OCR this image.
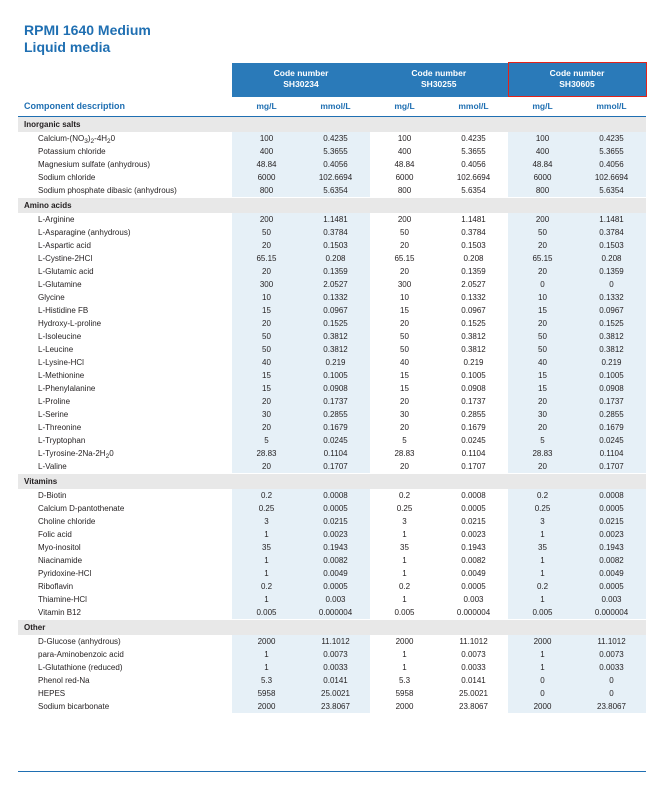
RPMI 1640 Medium
Liquid media

Code number
SH30234

Code number
SH30255

Code number
SH30605

Component description	mg/L	mmol/L	mg/L	mmol/L	mg/L	mmol/L
Inorganic salts						
Calcium-$(NO_3)_2-4H_20$	100	0.4235	100	0.4235	100	0.4235
Potassium chloride	400	5.3655	400	5.3655	400	5.3655
Magnesium sulfate (anhydrous)	48.84	0.4056	48.84	0.4056	48.84	0.4056
Sodium chloride	6000	102.6694	6000	102.6694	6000	102.6694
Sodium phosphate dibasic (anhydrous)	800	5.6354	800	5.6354	800	5.6354
Amino acids						
L-Arginine	200	1.1481	200	1.1481	200	1.1481
L-Asparagine (anhydrous)	50	0.3784	50	0.3784	50	0.3784
L-Aspartic acid	20	0.1503	20	0.1503	20	0.1503
L-Cystine-2HCl	65.15	0.208	65.15	0.208	65.15	0.208
L-Glutamic acid	20	0.1359	20	0.1359	20	0.1359
L-Glutamine	300	2.0527	300	2.0527	0	0
Glycine	10	0.1332	10	0.1332	10	0.1332
L-Histidine FB	15	0.0967	15	0.0967	15	0.0967
Hydroxy-L-proline	20	0.1525	20	0.1525	20	0.1525
L-Isoleucine	50	0.3812	50	0.3812	50	0.3812
L-Leucine	50	0.3812	50	0.3812	50	0.3812
L-Lysine-HCl	40	0.219	40	0.219	40	0.219
L-Methionine	15	0.1005	15	0.1005	15	0.1005
L-Phenylalanine	15	0.0908	15	0.0908	15	0.0908
L-Proline	20	0.1737	20	0.1737	20	0.1737
L-Serine	30	0.2855	30	0.2855	30	0.2855
L-Threonine	20	0.1679	20	0.1679	20	0.1679
L-Tryptophan	5	0.0245	5	0.0245	5	0.0245
$L-Tyrosine-2Na-2H_20$	28.83	0.1104	28.83	0.1104	28.83	0.1104
L-Valine	20	0.1707	20	0.1707	20	0.1707
Vitamins						
D-Biotin	0.2	0.0008	0.2	0.0008	0.2	0.0008
Calcium D-pantothenate	0.25	0.0005	0.25	0.0005	0.25	0.0005
Choline chloride	3	0.0215	3	0.0215	3	0.0215
Folic acid	1	0.0023	1	0.0023	1	0.0023
Myo-inositol	35	0.1943	35	0.1943	35	0.1943
Niacinamide	1	0.0082	1	0.0082	1	0.0082
Pyridoxine-HCl	1	0.0049	1	0.0049	1	0.0049
Riboflavin	0.2	0.0005	0.2	0.0005	0.2	0.0005
Thiamine-HCl	1	0.003	1	0.003	1	0.003
Vitamin B12	0.005	0.000004	0.005	0.000004	0.005	0.000004
Other						
D-Glucose (anhydrous)	2000	11.1012	2000	11.1012	2000	11.1012
para-Aminobenzoic acid	1	0.0073	1	0.0073	1	0.0073
L-Glutathione (reduced)	1	0.0033	1	0.0033	1	0.0033
Phenol red-Na	5.3	0.0141	5.3	0.0141	0	0
HEPES	5958	25.0021	5958	25.0021	0	0
Sodium bicarbonate	2000	23.8067	2000	23.8067	2000	23.8067
